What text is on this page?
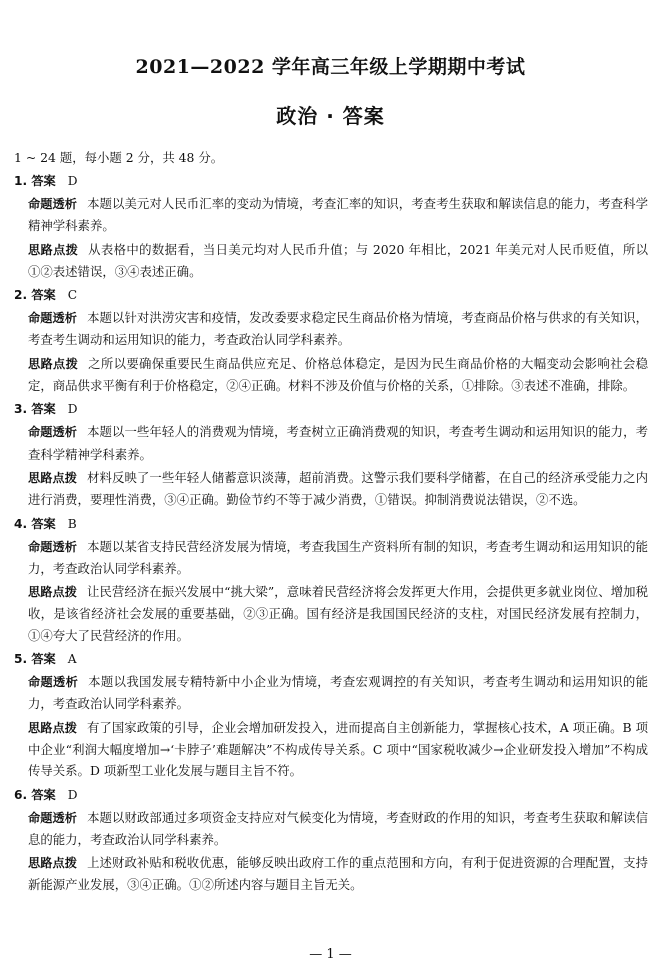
2021—2022 学年高三年级上学期期中考试
政治 · 答案
1 ~ 24 题，每小题 2 分，共 48 分。
1. 答案 D
命题透析 本题以美元对人民币汇率的变动为情境，考查汇率的知识，考查考生获取和解读信息的能力，考查科学精神学科素养。
思路点拨 从表格中的数据看，当日美元均对人民币升值；与 2020 年相比，2021 年美元对人民币贬值，所以①②表述错误，③④表述正确。
2. 答案 C
命题透析 本题以针对洪涝灾害和疫情，发改委要求稳定民生商品价格为情境，考查商品价格与供求的有关知识，考查考生调动和运用知识的能力，考查政治认同学科素养。
思路点拨 之所以要确保重要民生商品供应充足、价格总体稳定，是因为民生商品价格的大幅变动会影响社会稳定，商品供求平衡有利于价格稳定，②④正确。材料不涉及价值与价格的关系，①排除。③表述不准确，排除。
3. 答案 D
命题透析 本题以一些年轻人的消费观为情境，考查树立正确消费观的知识，考查考生调动和运用知识的能力，考查科学精神学科素养。
思路点拨 材料反映了一些年轻人储蓄意识淡薄，超前消费。这警示我们要科学储蓄，在自己的经济承受能力之内进行消费，要理性消费，③④正确。勤俭节约不等于减少消费，①错误。抑制消费说法错误，②不选。
4. 答案 B
命题透析 本题以某省支持民营经济发展为情境，考查我国生产资料所有制的知识，考查考生调动和运用知识的能力，考查政治认同学科素养。
思路点拨 让民营经济在振兴发展中“挑大梁”，意味着民营经济将会发挥更大作用，会提供更多就业岗位、增加税收，是该省经济社会发展的重要基础，②③正确。国有经济是我国国民经济的支柱，对国民经济发展有控制力，①④夸大了民营经济的作用。
5. 答案 A
命题透析 本题以我国发展专精特新中小企业为情境，考查宏观调控的有关知识，考查考生调动和运用知识的能力，考查政治认同学科素养。
思路点拨 有了国家政策的引导，企业会增加研发投入，进而提高自主创新能力，掌握核心技术，A 项正确。B 项中企业“利润大幅度增加→‘卡脖子’难题解决”不构成传导关系。C 项中“国家税收减少→企业研发投入增加”不构成传导关系。D 项新型工业化发展与题目主旨不符。
6. 答案 D
命题透析 本题以财政部通过多项资金支持应对气候变化为情境，考查财政的作用的知识，考查考生获取和解读信息的能力，考查政治认同学科素养。
思路点拨 上述财政补贴和税收优惠，能够反映出政府工作的重点范围和方向，有利于促进资源的合理配置，支持新能源产业发展，③④正确。①②所述内容与题目主旨无关。
— 1 —
